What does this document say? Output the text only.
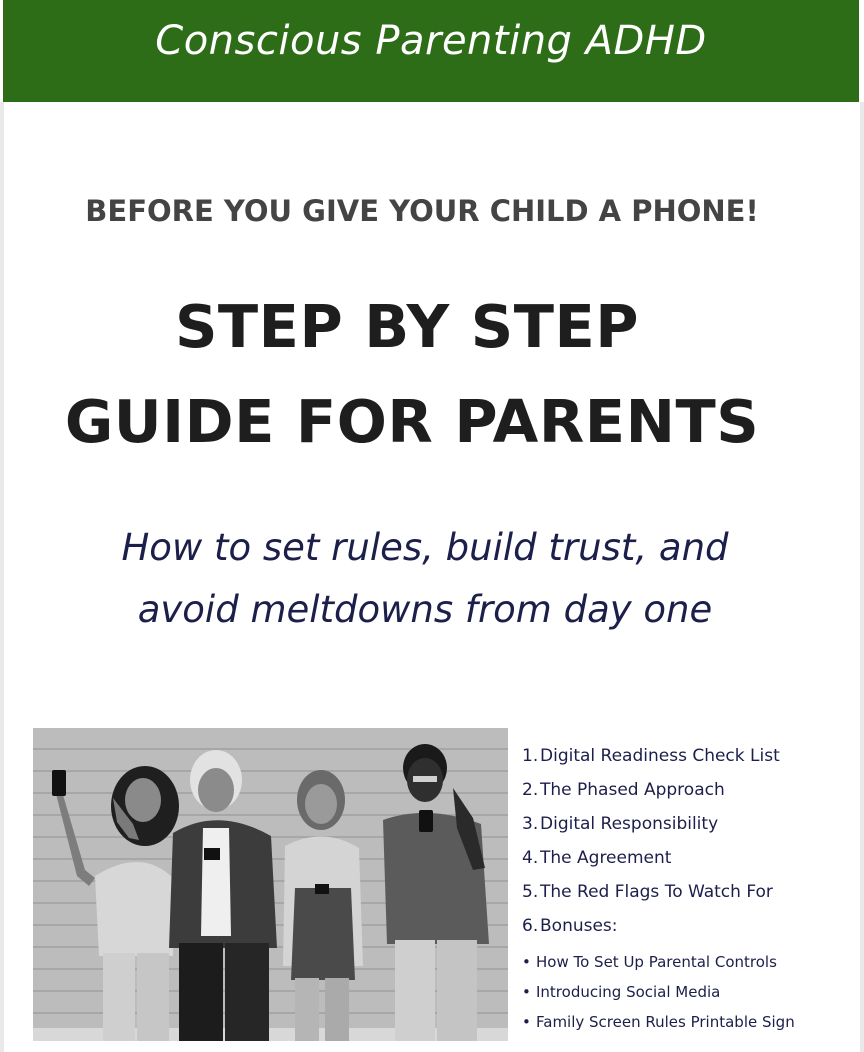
Conscious Parenting ADHD
BEFORE YOU GIVE YOUR CHILD A PHONE!
STEP BY STEP
GUIDE FOR PARENTS
How to set rules, build trust, and
avoid meltdowns from day one
1. Digital Readiness Check List
2. The Phased Approach
3. Digital Responsibility
4. The Agreement
5. The Red Flags To Watch For
6. Bonuses:
• How To Set Up Parental Controls
• Introducing Social Media
• Family Screen Rules Printable Sign
